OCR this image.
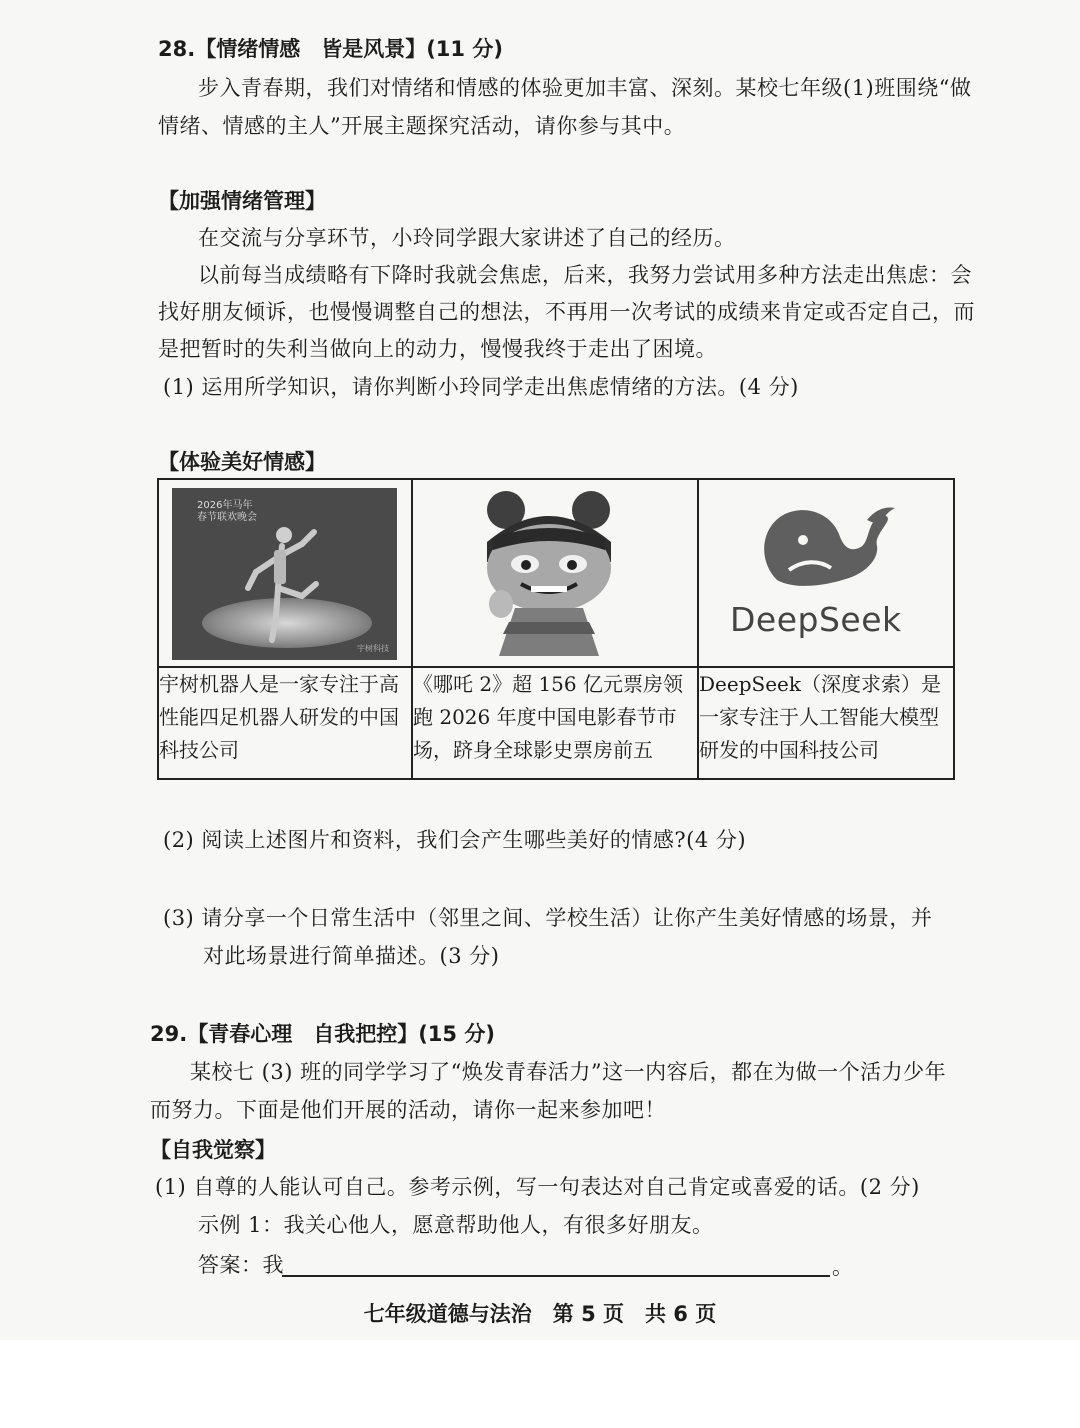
28.【情绪情感　皆是风景】(11 分)
步入青春期，我们对情绪和情感的体验更加丰富、深刻。某校七年级(1)班围绕“做
情绪、情感的主人”开展主题探究活动，请你参与其中。
【加强情绪管理】
在交流与分享环节，小玲同学跟大家讲述了自己的经历。
以前每当成绩略有下降时我就会焦虑，后来，我努力尝试用多种方法走出焦虑：会
找好朋友倾诉，也慢慢调整自己的想法，不再用一次考试的成绩来肯定或否定自己，而
是把暂时的失利当做向上的动力，慢慢我终于走出了困境。
(1) 运用所学知识，请你判断小玲同学走出焦虑情绪的方法。(4 分)
【体验美好情感】
2026年马年
春节联欢晚会
宇树科技		DeepSeek

宇树机器人是一家专注于高性能四足机器人研发的中国科技公司	《哪吒 2》超 156 亿元票房领跑 2026 年度中国电影春节市场，跻身全球影史票房前五	DeepSeek（深度求索）是一家专注于人工智能大模型研发的中国科技公司
(2) 阅读上述图片和资料，我们会产生哪些美好的情感?(4 分)
(3) 请分享一个日常生活中（邻里之间、学校生活）让你产生美好情感的场景，并
对此场景进行简单描述。(3 分)
29.【青春心理　自我把控】(15 分)
某校七 (3) 班的同学学习了“焕发青春活力”这一内容后，都在为做一个活力少年
而努力。下面是他们开展的活动，请你一起来参加吧！
【自我觉察】
(1) 自尊的人能认可自己。参考示例，写一句表达对自己肯定或喜爱的话。(2 分)
示例 1：我关心他人，愿意帮助他人，有很多好朋友。
答案：我	。
七年级道德与法治　第 5 页　共 6 页
